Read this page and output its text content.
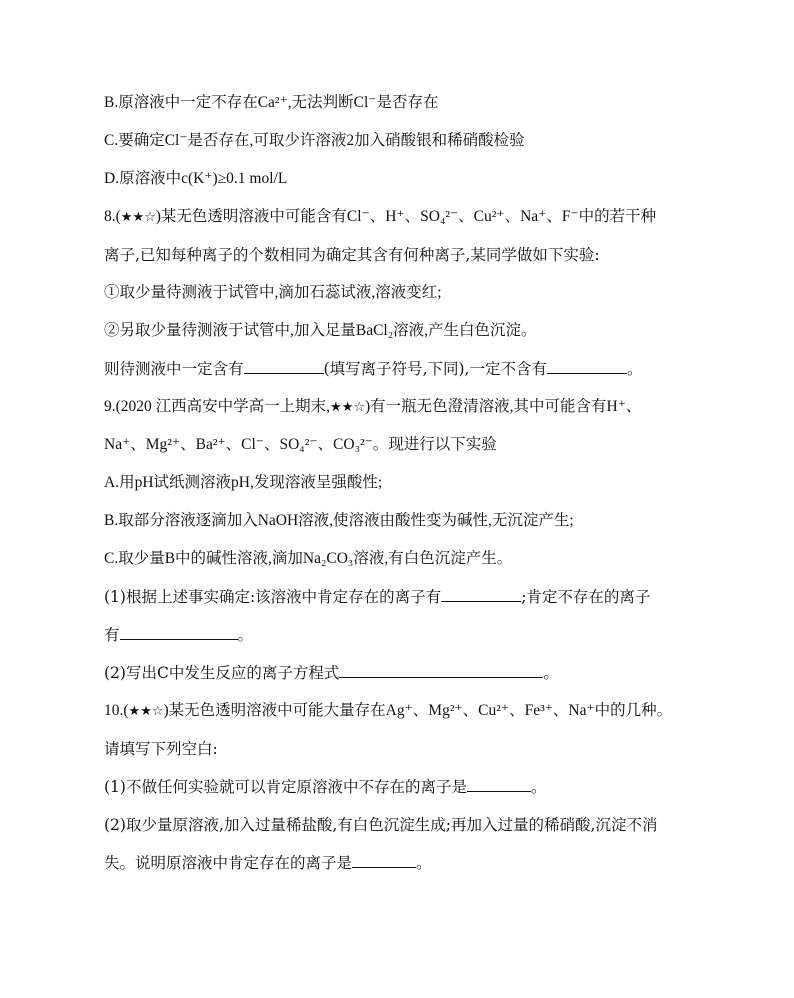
B.原溶液中一定不存在Ca²⁺,无法判断Cl⁻是否存在
C.要确定Cl⁻是否存在,可取少许溶液2加入硝酸银和稀硝酸检验
D.原溶液中c(K⁺)≥0.1 mol/L
8.(★★☆)某无色透明溶液中可能含有Cl⁻、H⁺、SO₄²⁻、Cu²⁺、Na⁺、F⁻中的若干种
离子,已知每种离子的个数相同为确定其含有何种离子,某同学做如下实验:
①取少量待测液于试管中,滴加石蕊试液,溶液变红;
②另取少量待测液于试管中,加入足量BaCl₂溶液,产生白色沉淀。
则待测液中一定含有	(填写离子符号,下同),一定不含有	。
9.(2020 江西高安中学高一上期末,★★☆)有一瓶无色澄清溶液,其中可能含有H⁺、
Na⁺、Mg²⁺、Ba²⁺、Cl⁻、SO₄²⁻、CO₃²⁻。现进行以下实验
A.用pH试纸测溶液pH,发现溶液呈强酸性;
B.取部分溶液逐滴加入NaOH溶液,使溶液由酸性变为碱性,无沉淀产生;
C.取少量B中的碱性溶液,滴加Na₂CO₃溶液,有白色沉淀产生。
(1)根据上述事实确定:该溶液中肯定存在的离子有	;肯定不存在的离子
有	。
(2)写出C中发生反应的离子方程式	。
10.(★★☆)某无色透明溶液中可能大量存在Ag⁺、Mg²⁺、Cu²⁺、Fe³⁺、Na⁺中的几种。
请填写下列空白:
(1)不做任何实验就可以肯定原溶液中不存在的离子是	。
(2)取少量原溶液,加入过量稀盐酸,有白色沉淀生成;再加入过量的稀硝酸,沉淀不消
失。说明原溶液中肯定存在的离子是	。
